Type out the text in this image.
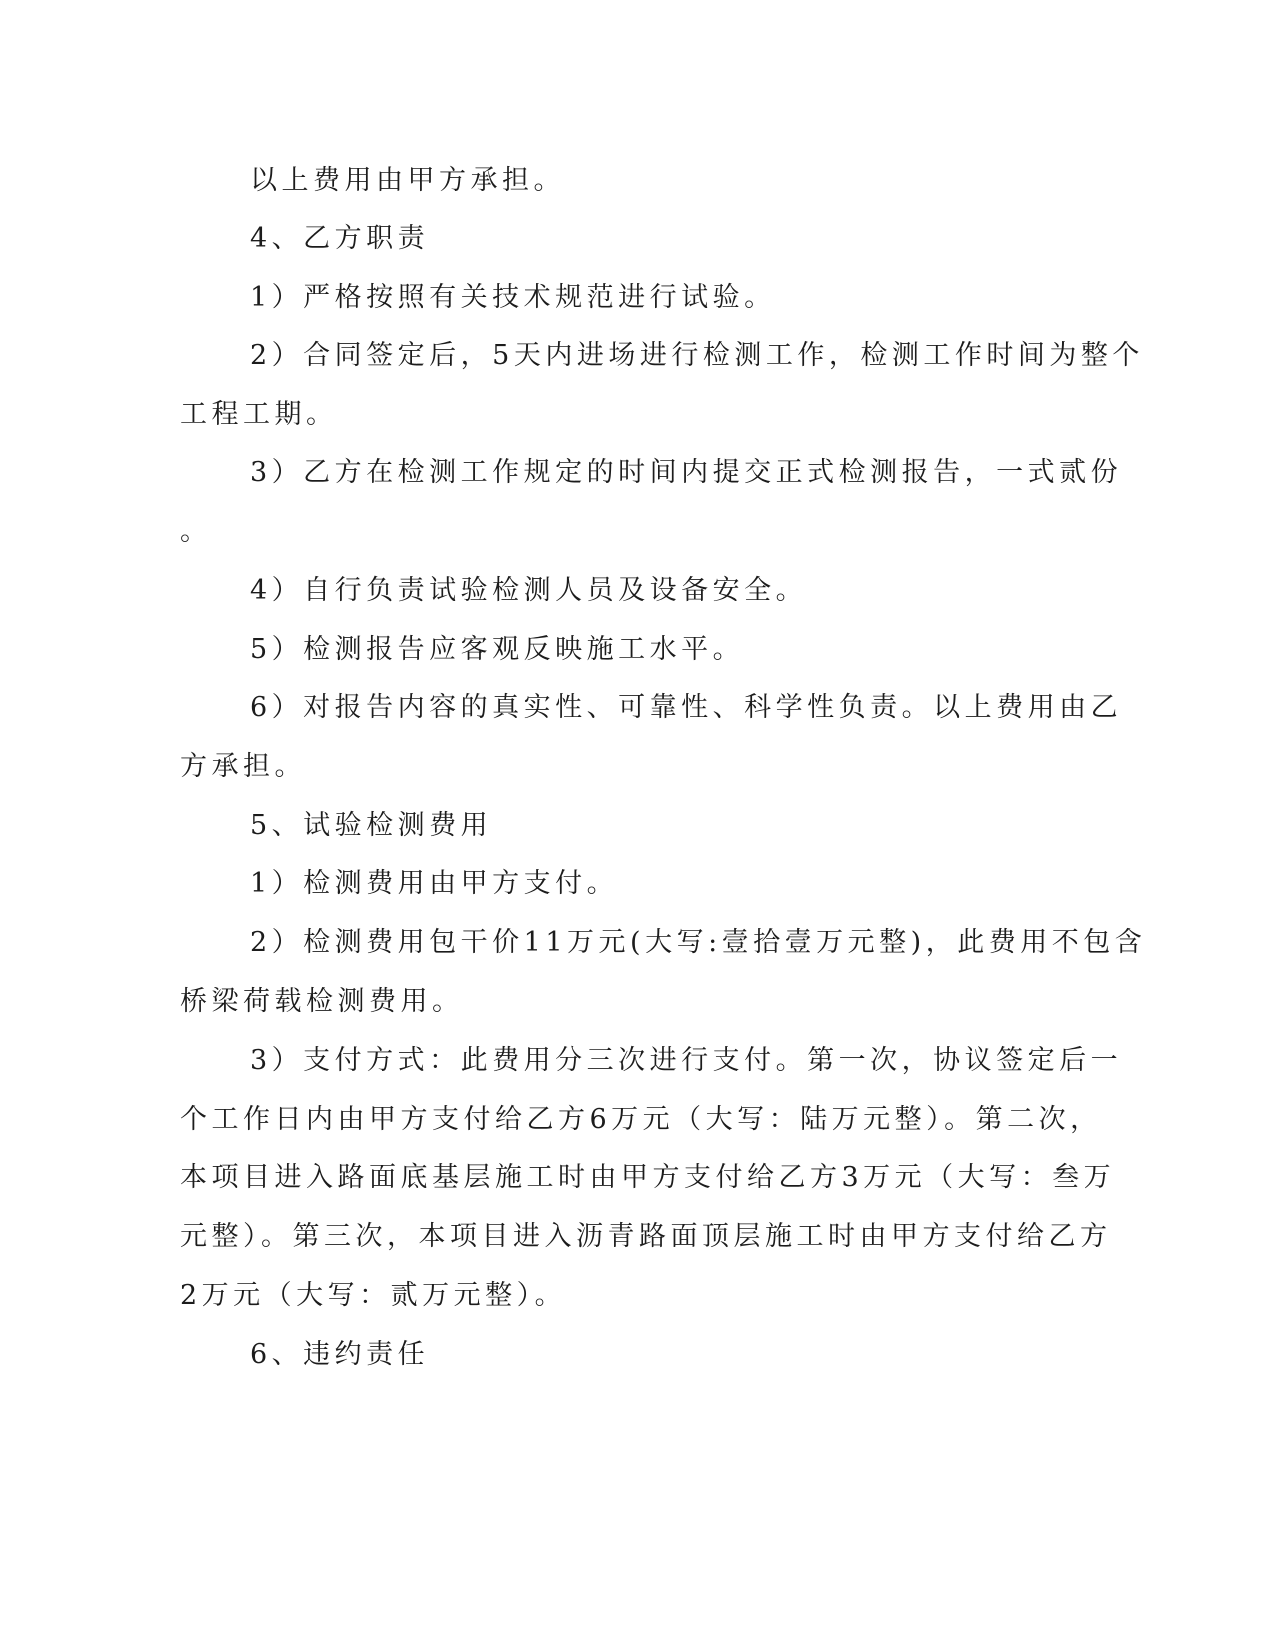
以上费用由甲方承担。

4、乙方职责

1）严格按照有关技术规范进行试验。

2）合同签定后，5天内进场进行检测工作，检测工作时间为整个

工程工期。

3）乙方在检测工作规定的时间内提交正式检测报告，一式贰份

。

4）自行负责试验检测人员及设备安全。

5）检测报告应客观反映施工水平。

6）对报告内容的真实性、可靠性、科学性负责。以上费用由乙

方承担。

5、试验检测费用

1）检测费用由甲方支付。

2）检测费用包干价11万元(大写:壹拾壹万元整)，此费用不包含

桥梁荷载检测费用。

3）支付方式：此费用分三次进行支付。第一次，协议签定后一

个工作日内由甲方支付给乙方6万元（大写：陆万元整）。第二次，

本项目进入路面底基层施工时由甲方支付给乙方3万元（大写：叁万

元整）。第三次，本项目进入沥青路面顶层施工时由甲方支付给乙方

2万元（大写：贰万元整）。

6、违约责任
